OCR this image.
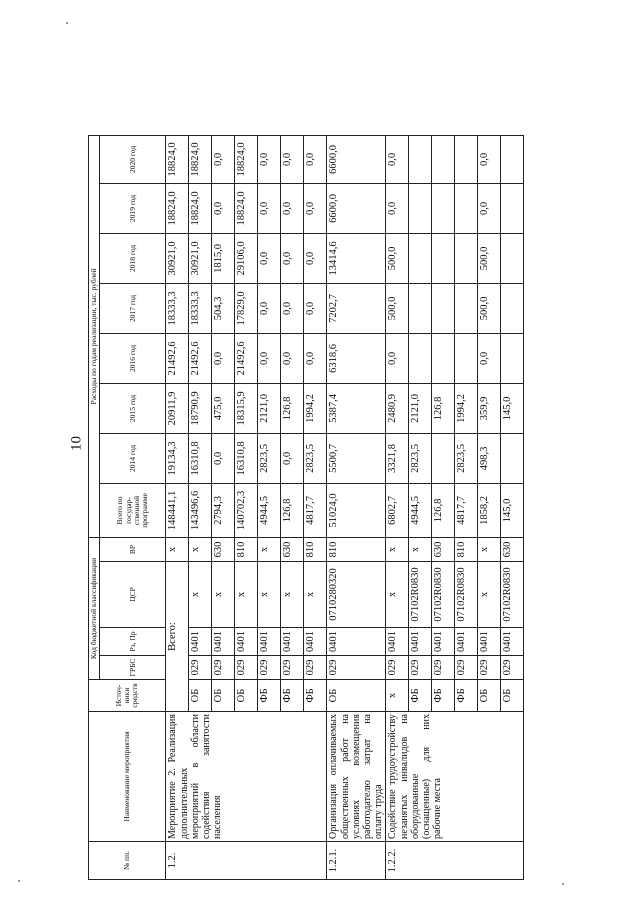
10
№ пп.	Наименование мероприятия	Источ-ники средств	Код бюджетной классификации				Расходы по годам реализации, тыс. рублей							
			ГРБС	Рз, Пр	ЦСР	ВР	Всего по государ-ственной программе	2014 год	2015 год	2016 год	2017 год	2018 год	2019 год	2020 год
1.2.	Мероприятие 2. Реализация дополнительных мероприятий в области содействия занятости населения	Всего:				x	148441,1	19134,3	20911,9	21492,6	18333,3	30921,0	18824,0	18824,0
		ОБ	029	0401	x	x	143496,6	16310,8	18790,9	21492,6	18333,3	30921,0	18824,0	18824,0
		ОБ	029	0401	x	630	2794,3	0,0	475,0	0,0	504,3	1815,0	0,0	0,0
		ОБ	029	0401	x	810	140702,3	16310,8	18315,9	21492,6	17829,0	29106,0	18824,0	18824,0
		ФБ	029	0401	x	x	4944,5	2823,5	2121,0	0,0	0,0	0,0	0,0	0,0
		ФБ	029	0401	x	630	126,8	0,0	126,8	0,0	0,0	0,0	0,0	0,0
		ФБ	029	0401	x	810	4817,7	2823,5	1994,2	0,0	0,0	0,0	0,0	0,0
1.2.1.	Организация оплачиваемых общественных работ на условиях возмещения работодателю затрат на оплату труда	ОБ	029	0401	0710280320	810	51024,0	5500,7	5387,4	6318,6	7202,7	13414,6	6600,0	6600,0
1.2.2.	Содействие трудоустройству незанятых инвалидов на оборудованные (оснащенные) для них рабочие места	x	029	0401	x	x	6802,7	3321,8	2480,9	0,0	500,0	500,0	0,0	0,0
		ФБ	029	0401	07102R0830	x	4944,5	2823,5	2121,0					
		ФБ	029	0401	07102R0830	630	126,8		126,8					
		ФБ	029	0401	07102R0830	810	4817,7	2823,5	1994,2					
		ОБ	029	0401	x	x	1858,2	498,3	359,9	0,0	500,0	500,0	0,0	0,0
		ОБ	029	0401	07102R0830	630	145,0		145,0					
